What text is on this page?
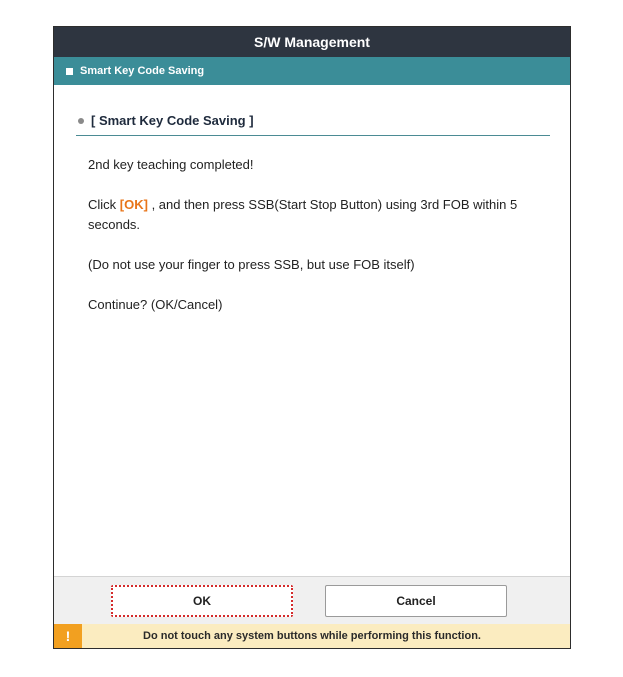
S/W Management
Smart Key Code Saving
[ Smart Key Code Saving ]

2nd key teaching completed!

Click [OK] , and then press SSB(Start Stop Button) using 3rd FOB within 5 seconds.

(Do not use your finger to press SSB, but use FOB itself)

Continue? (OK/Cancel)

OK	Cancel
!	Do not touch any system buttons while performing this function.
